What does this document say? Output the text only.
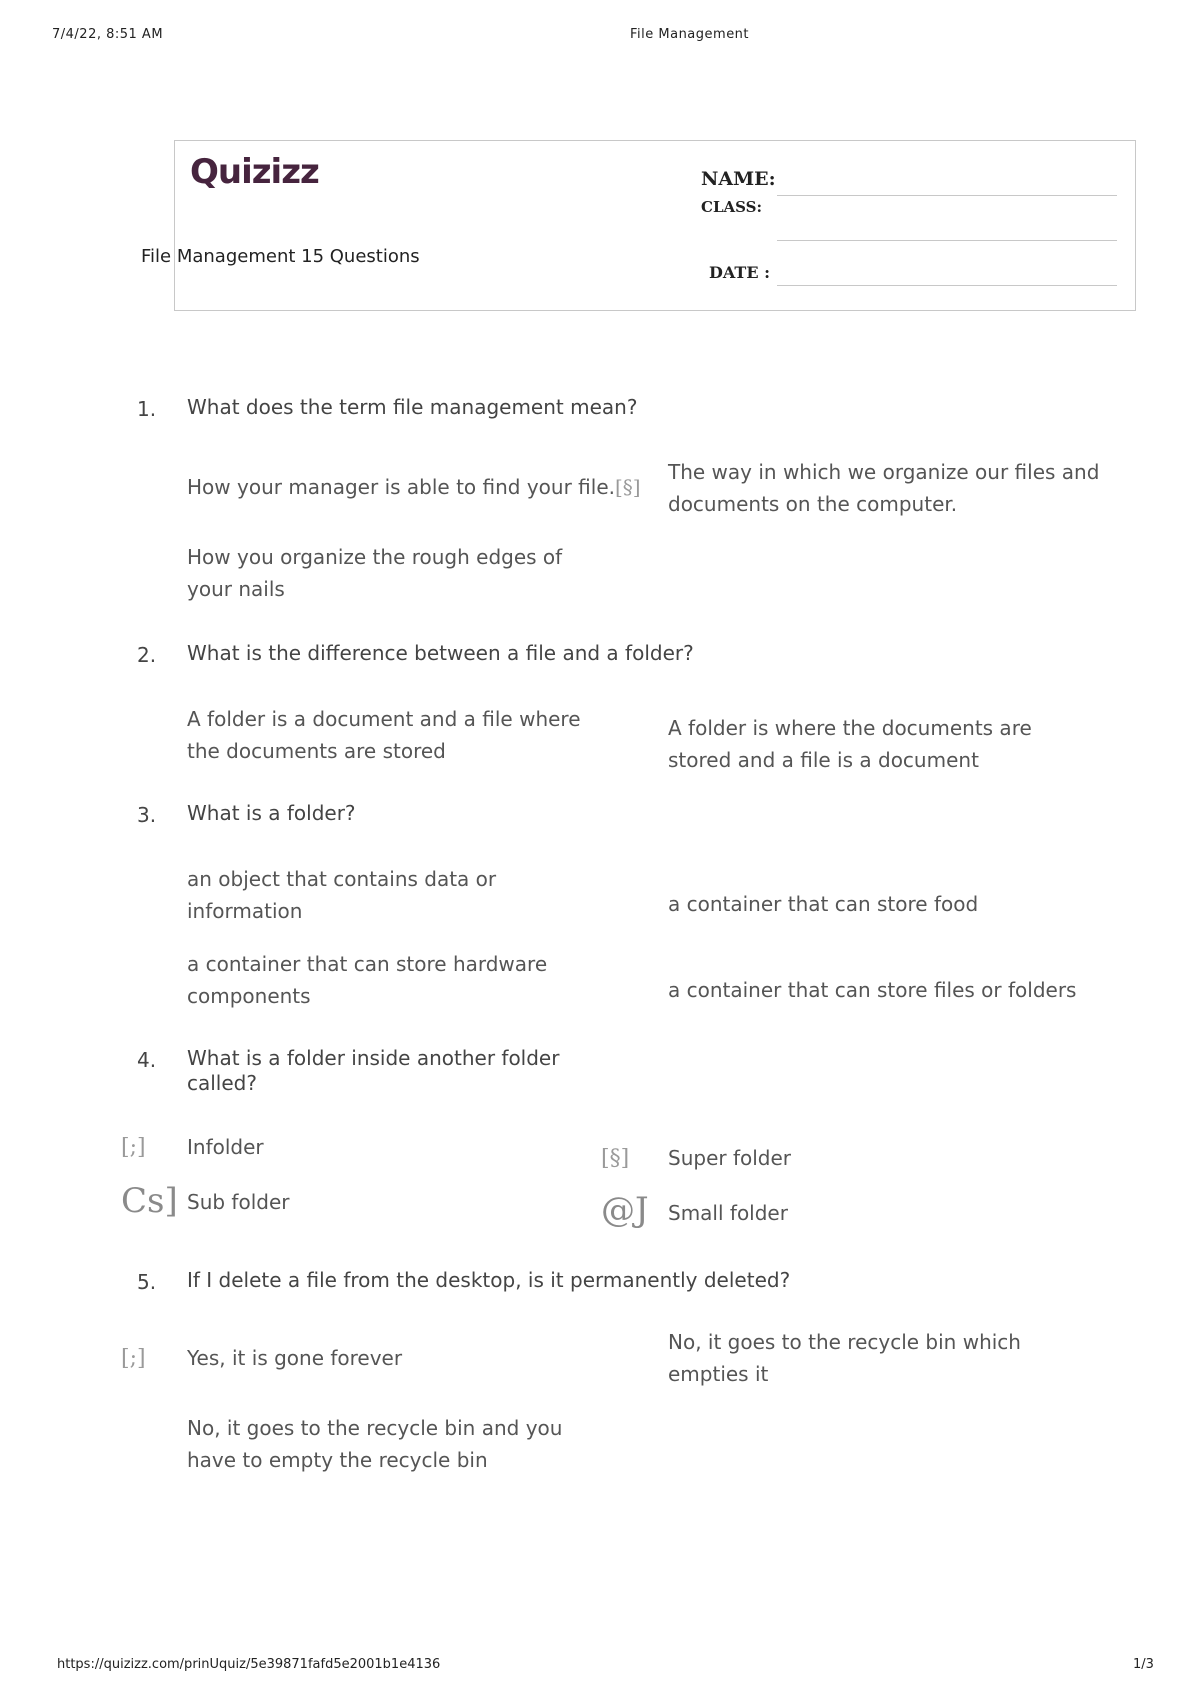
7/4/22, 8:51 AM	File Management
Quizizz
File Management 15 Questions
NAME:
CLASS:
DATE :
1. What does the term file management mean?
How your manager is able to find your file.[§]
The way in which we organize our files and documents on the computer.
How you organize the rough edges of your nails
2. What is the difference between a file and a folder?
A folder is a document and a file where the documents are stored
A folder is where the documents are stored and a file is a document
3. What is a folder?
an object that contains data or information	a container that can store food
a container that can store hardware components	a container that can store files or folders
4. What is a folder inside another folder called?
[;] Infolder	[§] Super folder
Cs] Sub folder	@J Small folder
5. If I delete a file from the desktop, is it permanently deleted?
[;] Yes, it is gone forever
No, it goes to the recycle bin which empties it
No, it goes to the recycle bin and you have to empty the recycle bin
https://quizizz.com/prinUquiz/5e39871fafd5e2001b1e4136	1/3
